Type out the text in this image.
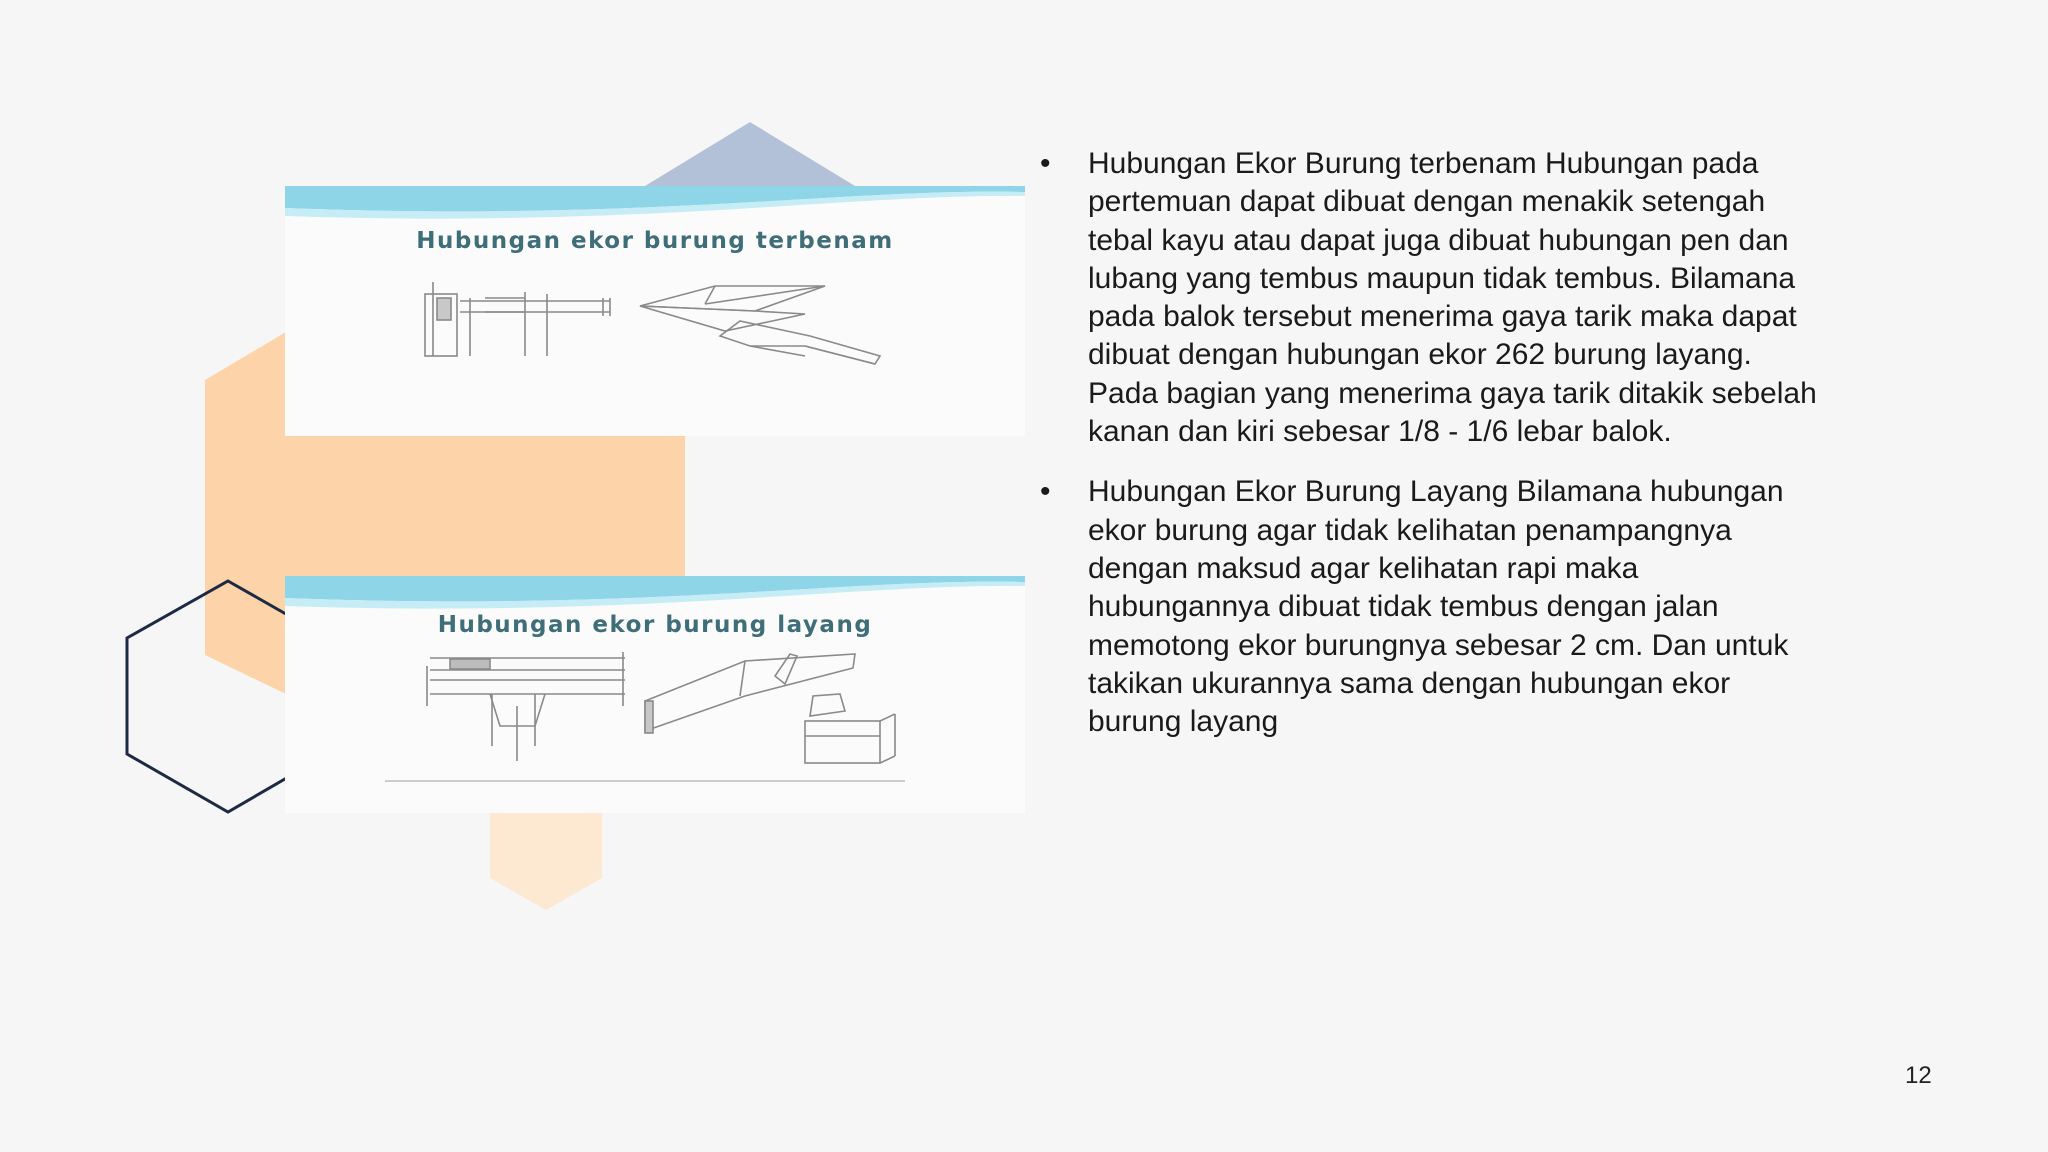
Hubungan ekor burung terbenam
Hubungan ekor burung layang
• Hubungan Ekor Burung terbenam Hubungan pada pertemuan dapat dibuat dengan menakik setengah tebal kayu atau dapat juga dibuat hubungan pen dan lubang yang tembus maupun tidak tembus. Bilamana pada balok tersebut menerima gaya tarik maka dapat dibuat dengan hubungan ekor 262 burung layang. Pada bagian yang menerima gaya tarik ditakik sebelah kanan dan kiri sebesar 1/8 - 1/6 lebar balok.
• Hubungan Ekor Burung Layang Bilamana hubungan ekor burung agar tidak kelihatan penampangnya dengan maksud agar kelihatan rapi maka hubungannya dibuat tidak tembus dengan jalan memotong ekor burungnya sebesar 2 cm. Dan untuk takikan ukurannya sama dengan hubungan ekor burung layang
12
